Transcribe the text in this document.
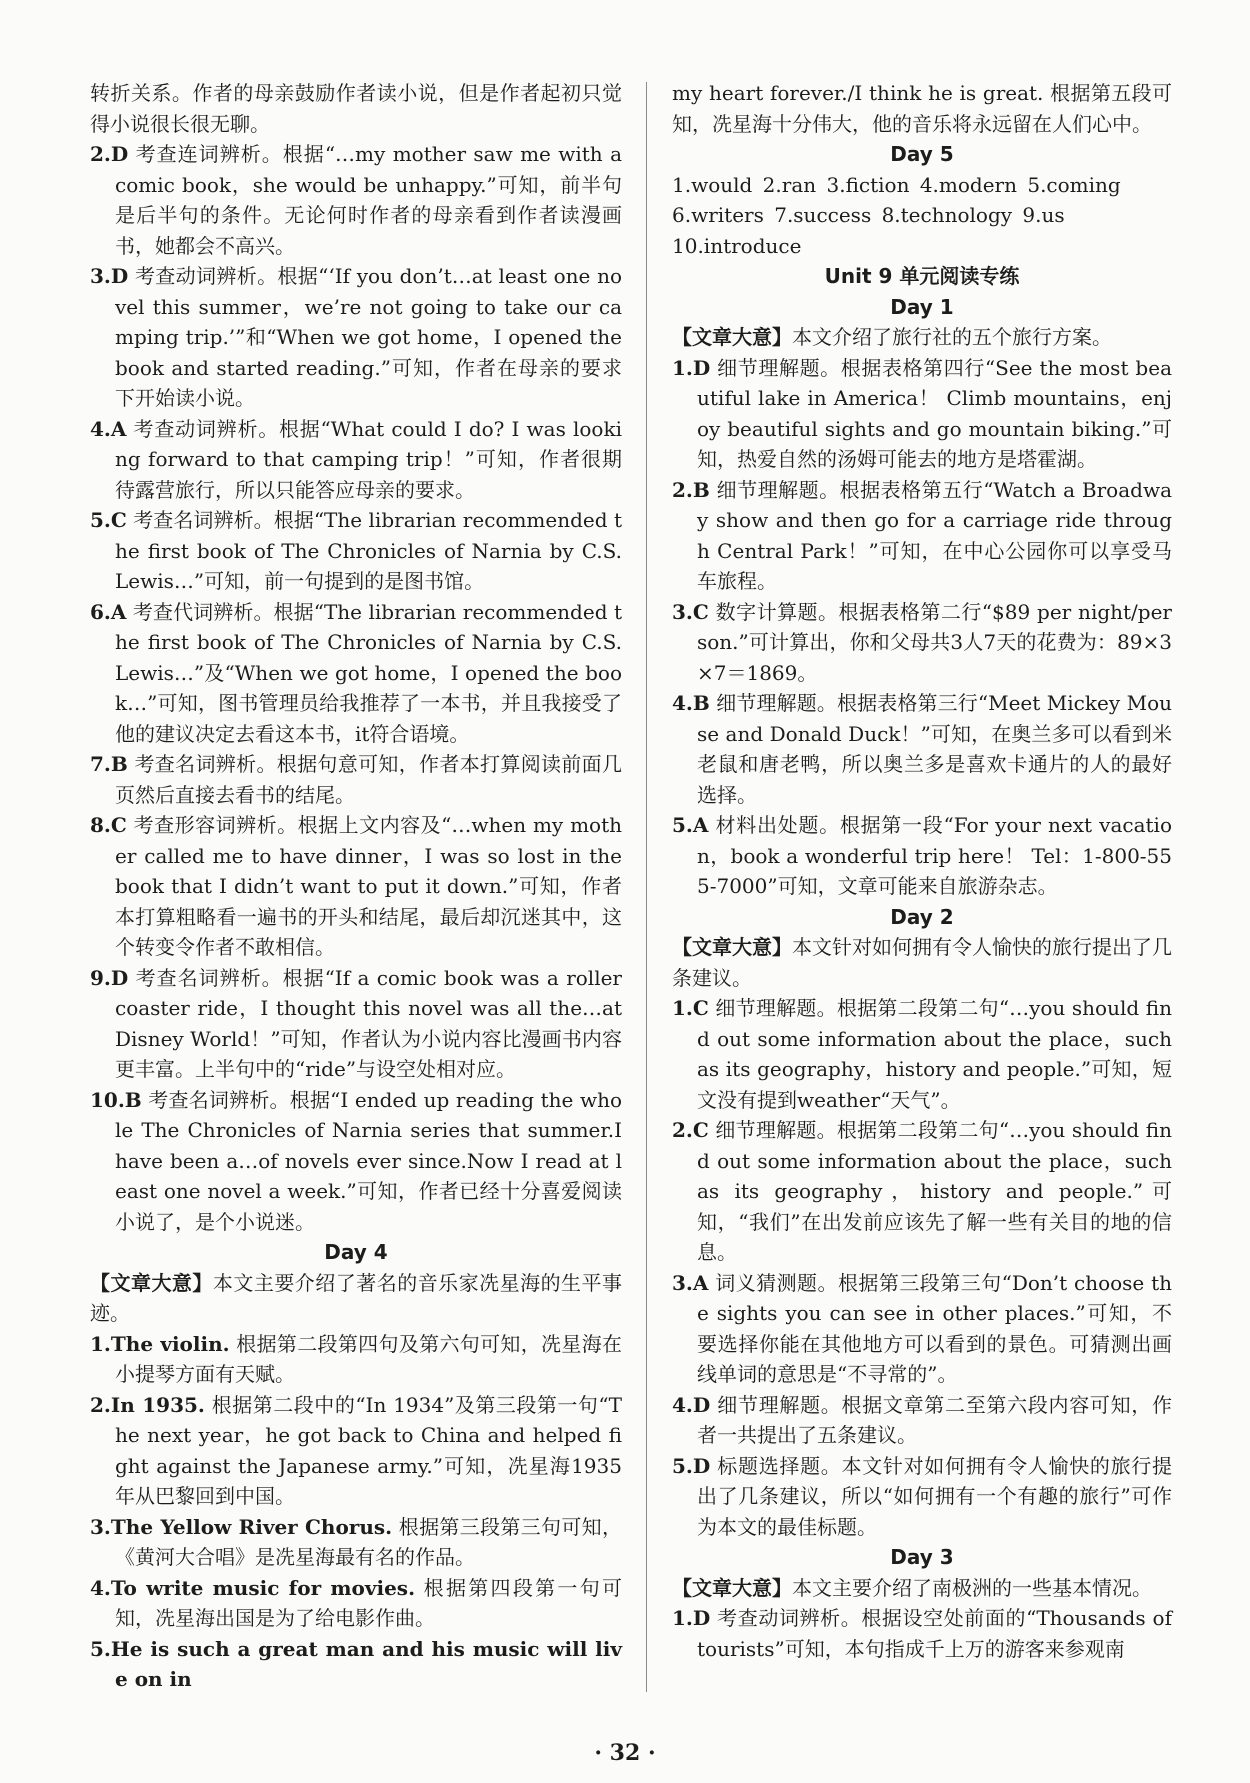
转折关系。作者的母亲鼓励作者读小说，但是作者起初只觉得小说很长很无聊。

2.D 考查连词辨析。根据“…my mother saw me with a comic book，she would be unhappy.”可知，前半句是后半句的条件。无论何时作者的母亲看到作者读漫画书，她都会不高兴。

3.D 考查动词辨析。根据“‘If you don’t…at least one novel this summer，we’re not going to take our camping trip.’”和“When we got home，I opened the book and started reading.”可知，作者在母亲的要求下开始读小说。

4.A 考查动词辨析。根据“What could I do? I was looking forward to that camping trip！”可知，作者很期待露营旅行，所以只能答应母亲的要求。

5.C 考查名词辨析。根据“The librarian recommended the first book of The Chronicles of Narnia by C.S. Lewis…”可知，前一句提到的是图书馆。

6.A 考查代词辨析。根据“The librarian recommended the first book of The Chronicles of Narnia by C.S. Lewis…”及“When we got home，I opened the book…”可知，图书管理员给我推荐了一本书，并且我接受了他的建议决定去看这本书，it符合语境。

7.B 考查名词辨析。根据句意可知，作者本打算阅读前面几页然后直接去看书的结尾。

8.C 考查形容词辨析。根据上文内容及“…when my mother called me to have dinner，I was so lost in the book that I didn’t want to put it down.”可知，作者本打算粗略看一遍书的开头和结尾，最后却沉迷其中，这个转变令作者不敢相信。

9.D 考查名词辨析。根据“If a comic book was a roller coaster ride，I thought this novel was all the…at Disney World！”可知，作者认为小说内容比漫画书内容更丰富。上半句中的“ride”与设空处相对应。

10.B 考查名词辨析。根据“I ended up reading the whole The Chronicles of Narnia series that summer.I have been a…of novels ever since.Now I read at least one novel a week.”可知，作者已经十分喜爱阅读小说了，是个小说迷。

Day 4

【文章大意】本文主要介绍了著名的音乐家冼星海的生平事迹。

1.The violin. 根据第二段第四句及第六句可知，冼星海在小提琴方面有天赋。

2.In 1935. 根据第二段中的“In 1934”及第三段第一句“The next year，he got back to China and helped fight against the Japanese army.”可知，冼星海1935年从巴黎回到中国。

3.The Yellow River Chorus. 根据第三段第三句可知，《黄河大合唱》是冼星海最有名的作品。

4.To write music for movies. 根据第四段第一句可知，冼星海出国是为了给电影作曲。

5.He is such a great man and his music will live on in

my heart forever./I think he is great. 根据第五段可知，冼星海十分伟大，他的音乐将永远留在人们心中。

Day 5

1.would 2.ran 3.fiction 4.modern 5.coming

6.writers 7.success 8.technology 9.us

10.introduce

Unit 9 单元阅读专练

Day 1

【文章大意】本文介绍了旅行社的五个旅行方案。

1.D 细节理解题。根据表格第四行“See the most beautiful lake in America！ Climb mountains，enjoy beautiful sights and go mountain biking.”可知，热爱自然的汤姆可能去的地方是塔霍湖。

2.B 细节理解题。根据表格第五行“Watch a Broadway show and then go for a carriage ride through Central Park！”可知，在中心公园你可以享受马车旅程。

3.C 数字计算题。根据表格第二行“$89 per night/person.”可计算出，你和父母共3人7天的花费为：89×3×7＝1869。

4.B 细节理解题。根据表格第三行“Meet Mickey Mouse and Donald Duck！”可知，在奥兰多可以看到米老鼠和唐老鸭，所以奥兰多是喜欢卡通片的人的最好选择。

5.A 材料出处题。根据第一段“For your next vacation，book a wonderful trip here！ Tel：1-800-555-7000”可知，文章可能来自旅游杂志。

Day 2

【文章大意】本文针对如何拥有令人愉快的旅行提出了几条建议。

1.C 细节理解题。根据第二段第二句“…you should find out some information about the place，such as its geography，history and people.”可知，短文没有提到weather“天气”。

2.C 细节理解题。根据第二段第二句“…you should find out some information about the place，such as its geography，history and people.”可知，“我们”在出发前应该先了解一些有关目的地的信息。

3.A 词义猜测题。根据第三段第三句“Don’t choose the sights you can see in other places.”可知，不要选择你能在其他地方可以看到的景色。可猜测出画线单词的意思是“不寻常的”。

4.D 细节理解题。根据文章第二至第六段内容可知，作者一共提出了五条建议。

5.D 标题选择题。本文针对如何拥有令人愉快的旅行提出了几条建议，所以“如何拥有一个有趣的旅行”可作为本文的最佳标题。

Day 3

【文章大意】本文主要介绍了南极洲的一些基本情况。

1.D 考查动词辨析。根据设空处前面的“Thousands of tourists”可知，本句指成千上万的游客来参观南

· 32 ·
